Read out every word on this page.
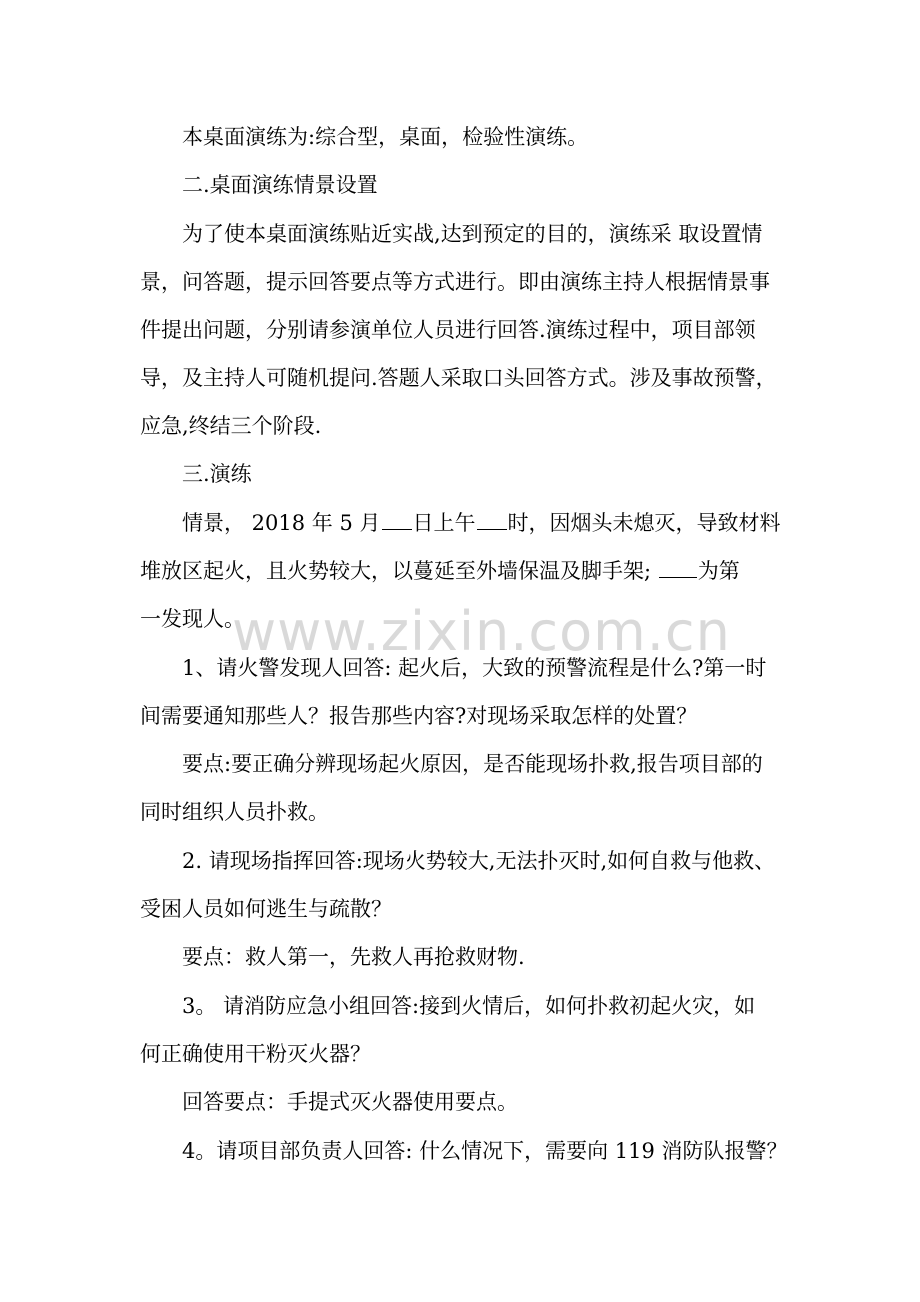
本桌面演练为:综合型，桌面，检验性演练。
二.桌面演练情景设置
为了使本桌面演练贴近实战,达到预定的目的，演练采 取设置情
景，问答题，提示回答要点等方式进行。即由演练主持人根据情景事
件提出问题，分别请参演单位人员进行回答.演练过程中，项目部领
导，及主持人可随机提问.答题人采取口头回答方式。涉及事故预警，
应急,终结三个阶段.
三.演练
情景， 2018 年 5 月 日上午 时，因烟头未熄灭，导致材料
堆放区起火，且火势较大，以蔓延至外墙保温及脚手架; 为第
一发现人。
1、请火警发现人回答: 起火后，大致的预警流程是什么?第一时
间需要通知那些人？报告那些内容?对现场采取怎样的处置？
要点:要正确分辨现场起火原因，是否能现场扑救,报告项目部的
同时组织人员扑救。
2. 请现场指挥回答:现场火势较大,无法扑灭时,如何自救与他救、
受困人员如何逃生与疏散？
要点：救人第一，先救人再抢救财物.
3。 请消防应急小组回答:接到火情后，如何扑救初起火灾，如
何正确使用干粉灭火器？
回答要点：手提式灭火器使用要点。
4。请项目部负责人回答: 什么情况下，需要向 119 消防队报警？
www.zixin.com.cn
